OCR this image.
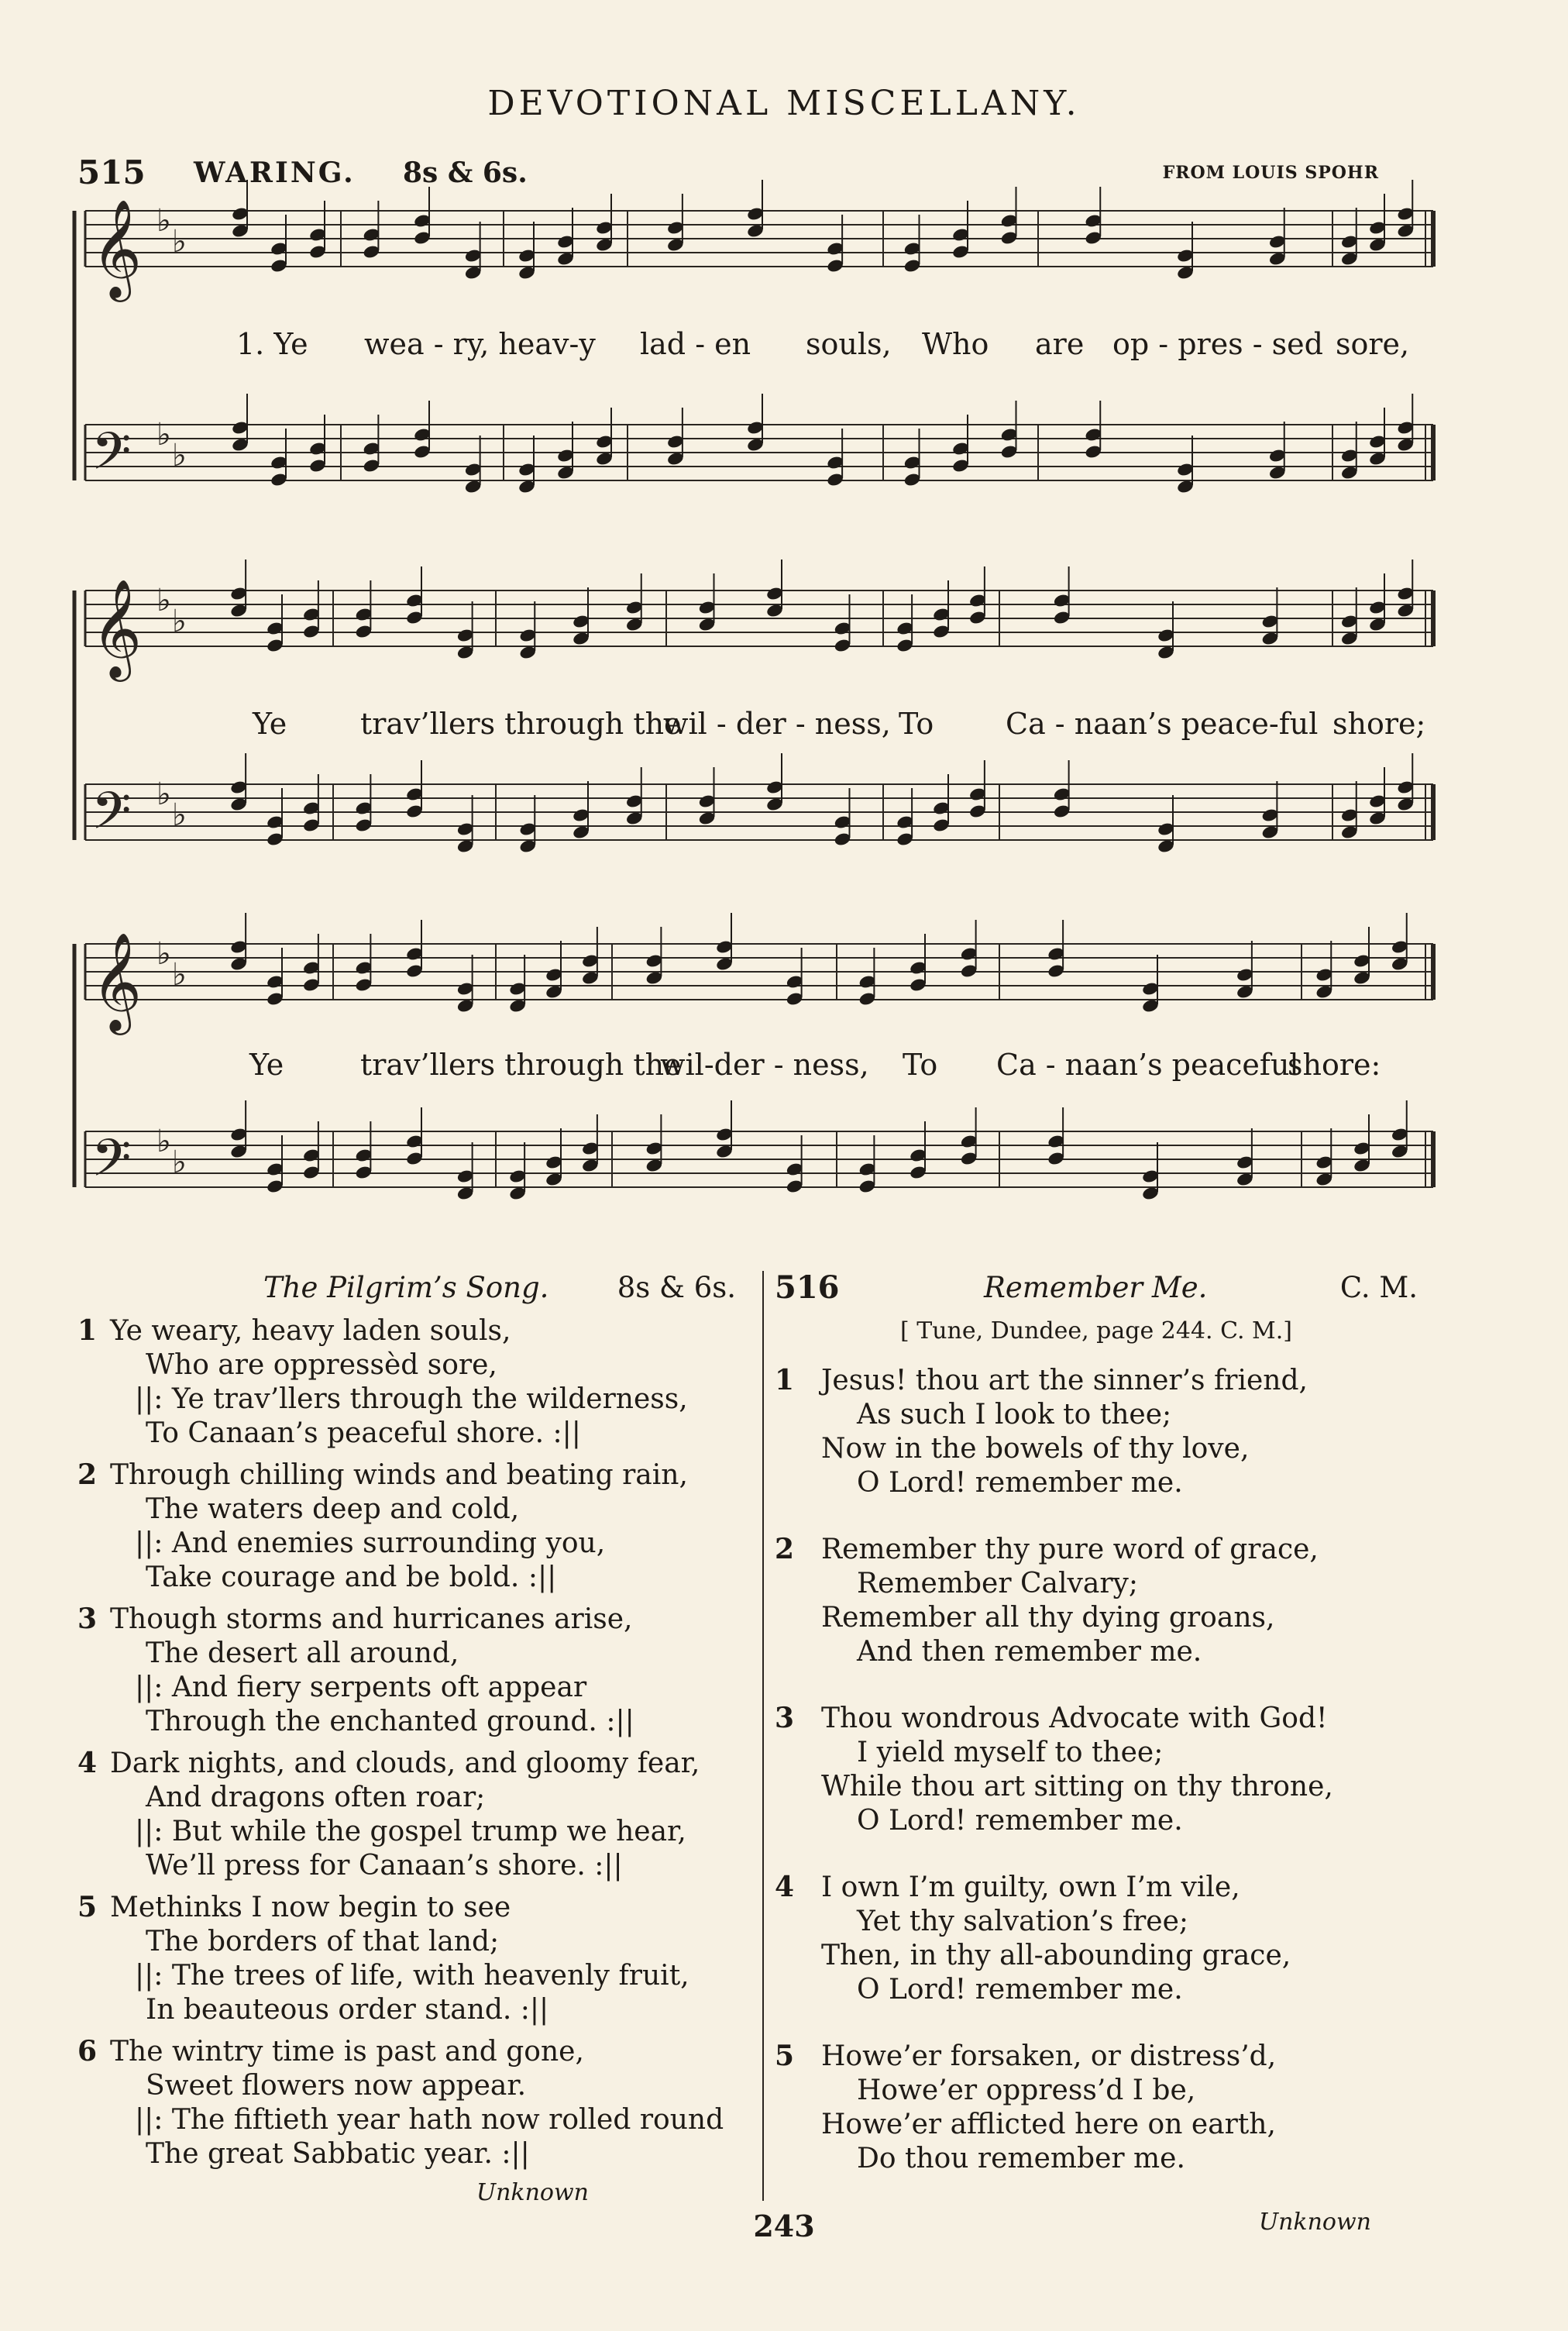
DEVOTIONAL MISCELLANY.
515 WARING. 8s & 6s.	FROM LOUIS SPOHR
𝄞 ♭
♭
𝄢 ♭
♭
𝄞 ♭
♭
𝄢 ♭
♭
𝄞 ♭
♭
𝄢 ♭
♭
1. Ye wea - ry, heav-y lad - en souls, Who are op - pres - sed sore,
Ye trav’llers through the
wil - der - ness, To Ca - naan’s peace-ful shore;
Ye	trav’llers through the
wil-der - ness, To Ca - naan’s peaceful
shore:
The Pilgrim’s Song. 8s & 6s.
1 Ye weary, heavy laden souls,
Who are oppressèd sore,
||: Ye trav’llers through the wilderness,
To Canaan’s peaceful shore. :||
2 Through chilling winds and beating rain,
The waters deep and cold,
||: And enemies surrounding you,
Take courage and be bold. :||
3 Though storms and hurricanes arise,
The desert all around,
||: And fiery serpents oft appear
Through the enchanted ground. :||
4 Dark nights, and clouds, and gloomy fear,
And dragons often roar;
||: But while the gospel trump we hear,
We’ll press for Canaan’s shore. :||
5 Methinks I now begin to see
The borders of that land;
||: The trees of life, with heavenly fruit,
In beauteous order stand. :||
6 The wintry time is past and gone,
Sweet flowers now appear.
||: The fiftieth year hath now rolled round
The great Sabbatic year. :||
Unknown
516	Remember Me.	C. M.
[ Tune, Dundee, page 244. C. M.]
1 Jesus! thou art the sinner’s friend,
As such I look to thee;
Now in the bowels of thy love,
O Lord! remember me.
2 Remember thy pure word of grace,
Remember Calvary;
Remember all thy dying groans,
And then remember me.
3 Thou wondrous Advocate with God!
I yield myself to thee;
While thou art sitting on thy throne,
O Lord! remember me.
4 I own I’m guilty, own I’m vile,
Yet thy salvation’s free;
Then, in thy all-abounding grace,
O Lord! remember me.
5 Howe’er forsaken, or distress’d,
Howe’er oppress’d I be,
Howe’er afflicted here on earth,
Do thou remember me.
Unknown
243
